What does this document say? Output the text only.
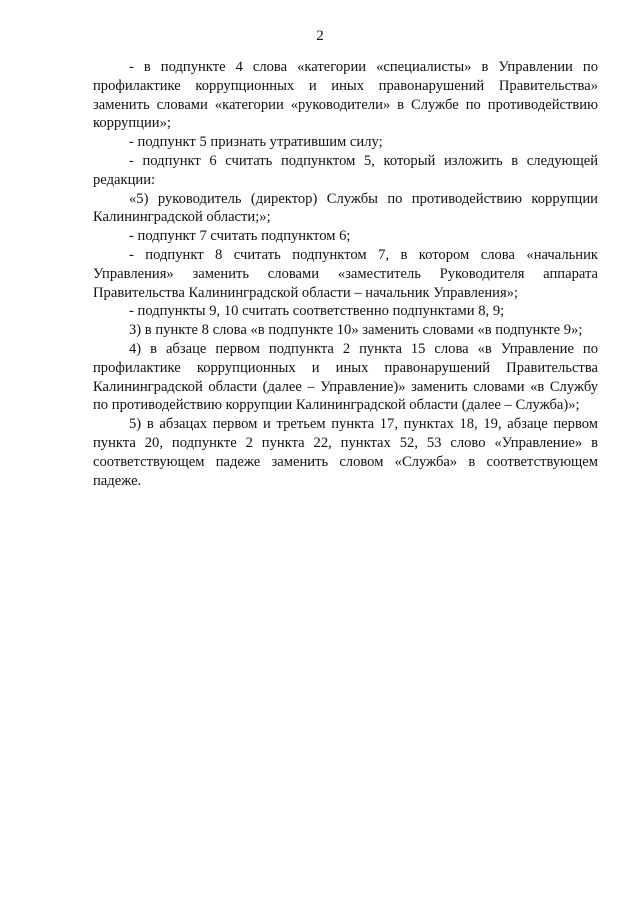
2

- в подпункте 4 слова «категории «специалисты» в Управлении по профилактике коррупционных и иных правонарушений Правительства» заменить словами «категории «руководители» в Службе по противодействию коррупции»;

- подпункт 5 признать утратившим силу;

- подпункт 6 считать подпунктом 5, который изложить в следующей редакции:

«5) руководитель (директор) Службы по противодействию коррупции Калининградской области;»;

- подпункт 7 считать подпунктом 6;

- подпункт 8 считать подпунктом 7, в котором слова «начальник Управления» заменить словами «заместитель Руководителя аппарата Правительства Калининградской области – начальник Управления»;

- подпункты 9, 10 считать соответственно подпунктами 8, 9;

3) в пункте 8 слова «в подпункте 10» заменить словами «в подпункте 9»;

4) в абзаце первом подпункта 2 пункта 15 слова «в Управление по профилактике коррупционных и иных правонарушений Правительства Калининградской области (далее – Управление)» заменить словами «в Службу по противодействию коррупции Калининградской области (далее – Служба)»;

5) в абзацах первом и третьем пункта 17, пунктах 18, 19, абзаце первом пункта 20, подпункте 2 пункта 22, пунктах 52, 53 слово «Управление» в соответствующем падеже заменить словом «Служба» в соответствующем падеже.
